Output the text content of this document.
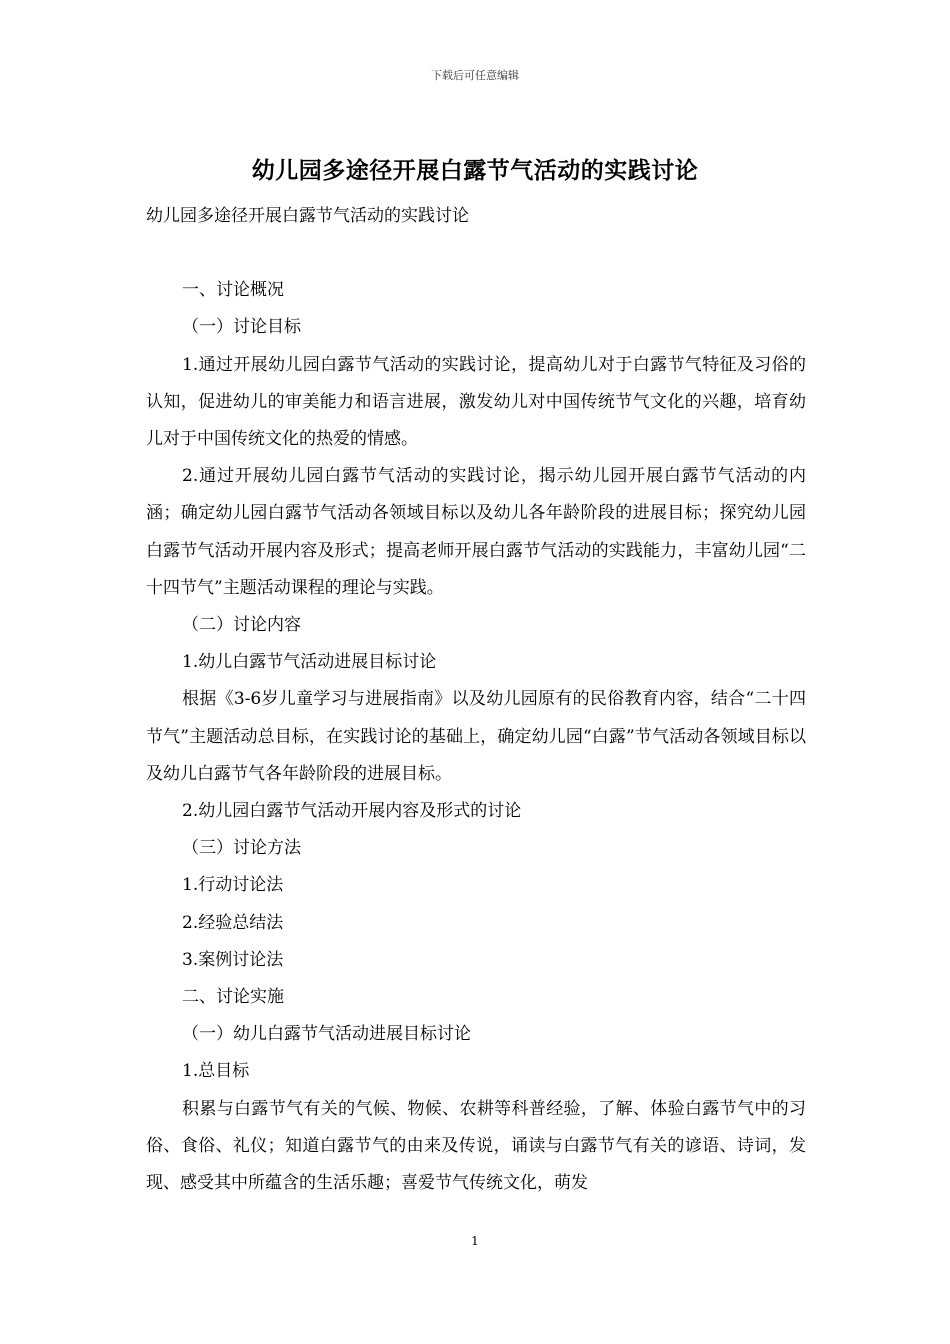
下载后可任意编辑
幼儿园多途径开展白露节气活动的实践讨论

幼儿园多途径开展白露节气活动的实践讨论

一、讨论概况

（一）讨论目标

1.通过开展幼儿园白露节气活动的实践讨论，提高幼儿对于白露节气特征及习俗的认知，促进幼儿的审美能力和语言进展，激发幼儿对中国传统节气文化的兴趣，培育幼儿对于中国传统文化的热爱的情感。

2.通过开展幼儿园白露节气活动的实践讨论，揭示幼儿园开展白露节气活动的内涵；确定幼儿园白露节气活动各领域目标以及幼儿各年龄阶段的进展目标；探究幼儿园白露节气活动开展内容及形式；提高老师开展白露节气活动的实践能力，丰富幼儿园“二十四节气”主题活动课程的理论与实践。

（二）讨论内容

1.幼儿白露节气活动进展目标讨论

根据《3-6岁儿童学习与进展指南》以及幼儿园原有的民俗教育内容，结合“二十四节气”主题活动总目标，在实践讨论的基础上，确定幼儿园“白露”节气活动各领域目标以及幼儿白露节气各年龄阶段的进展目标。

2.幼儿园白露节气活动开展内容及形式的讨论

（三）讨论方法

1.行动讨论法

2.经验总结法

3.案例讨论法

二、讨论实施

（一）幼儿白露节气活动进展目标讨论

1.总目标

积累与白露节气有关的气候、物候、农耕等科普经验，了解、体验白露节气中的习俗、食俗、礼仪；知道白露节气的由来及传说，诵读与白露节气有关的谚语、诗词，发现、感受其中所蕴含的生活乐趣；喜爱节气传统文化，萌发

1
